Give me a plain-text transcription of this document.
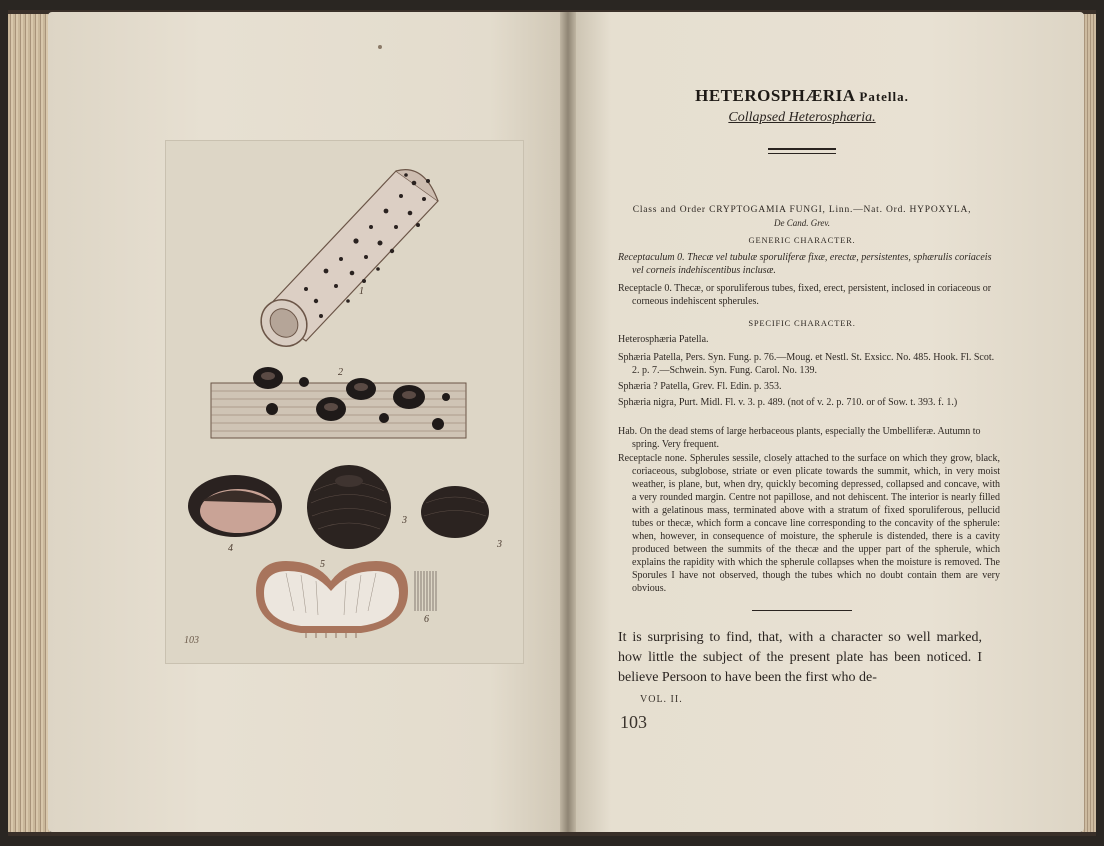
1
2
3
3
4
5
6
103
HETEROSPHÆRIA Patella.
Collapsed Heterosphæria.
Class and Order CRYPTOGAMIA FUNGI, Linn.—Nat. Ord. HYPOXYLA,
De Cand. Grev.
GENERIC CHARACTER.
Receptaculum 0. Thecæ vel tubulæ sporuliferæ fixæ, erectæ, persistentes, sphærulis coriaceis vel corneis indehiscentibus inclusæ.
Receptacle 0. Thecæ, or sporuliferous tubes, fixed, erect, persistent, inclosed in coriaceous or corneous indehiscent spherules.
SPECIFIC CHARACTER.
Heterosphæria Patella.
Sphæria Patella, Pers. Syn. Fung. p. 76.—Moug. et Nestl. St. Exsicc. No. 485. Hook. Fl. Scot. 2. p. 7.—Schwein. Syn. Fung. Carol. No. 139.
Sphæria ? Patella, Grev. Fl. Edin. p. 353.
Sphæria nigra, Purt. Midl. Fl. v. 3. p. 489. (not of v. 2. p. 710. or of Sow. t. 393. f. 1.)
Hab. On the dead stems of large herbaceous plants, especially the Umbelliferæ. Autumn to spring. Very frequent.
Receptacle none. Spherules sessile, closely attached to the surface on which they grow, black, coriaceous, subglobose, striate or even plicate towards the summit, which, in very moist weather, is plane, but, when dry, quickly becoming depressed, collapsed and concave, with a very rounded margin. Centre not papillose, and not dehiscent. The interior is nearly filled with a gelatinous mass, terminated above with a stratum of fixed sporuliferous, pellucid tubes or thecæ, which form a concave line corresponding to the concavity of the spherule: when, however, in consequence of moisture, the spherule is distended, there is a cavity produced between the summits of the thecæ and the upper part of the spherule, which explains the rapidity with which the spherule collapses when the moisture is removed. The Sporules I have not observed, though the tubes which no doubt contain them are very obvious.
It is surprising to find, that, with a character so well marked, how little the subject of the present plate has been noticed. I believe Persoon to have been the first who de-
VOL. II.
103
